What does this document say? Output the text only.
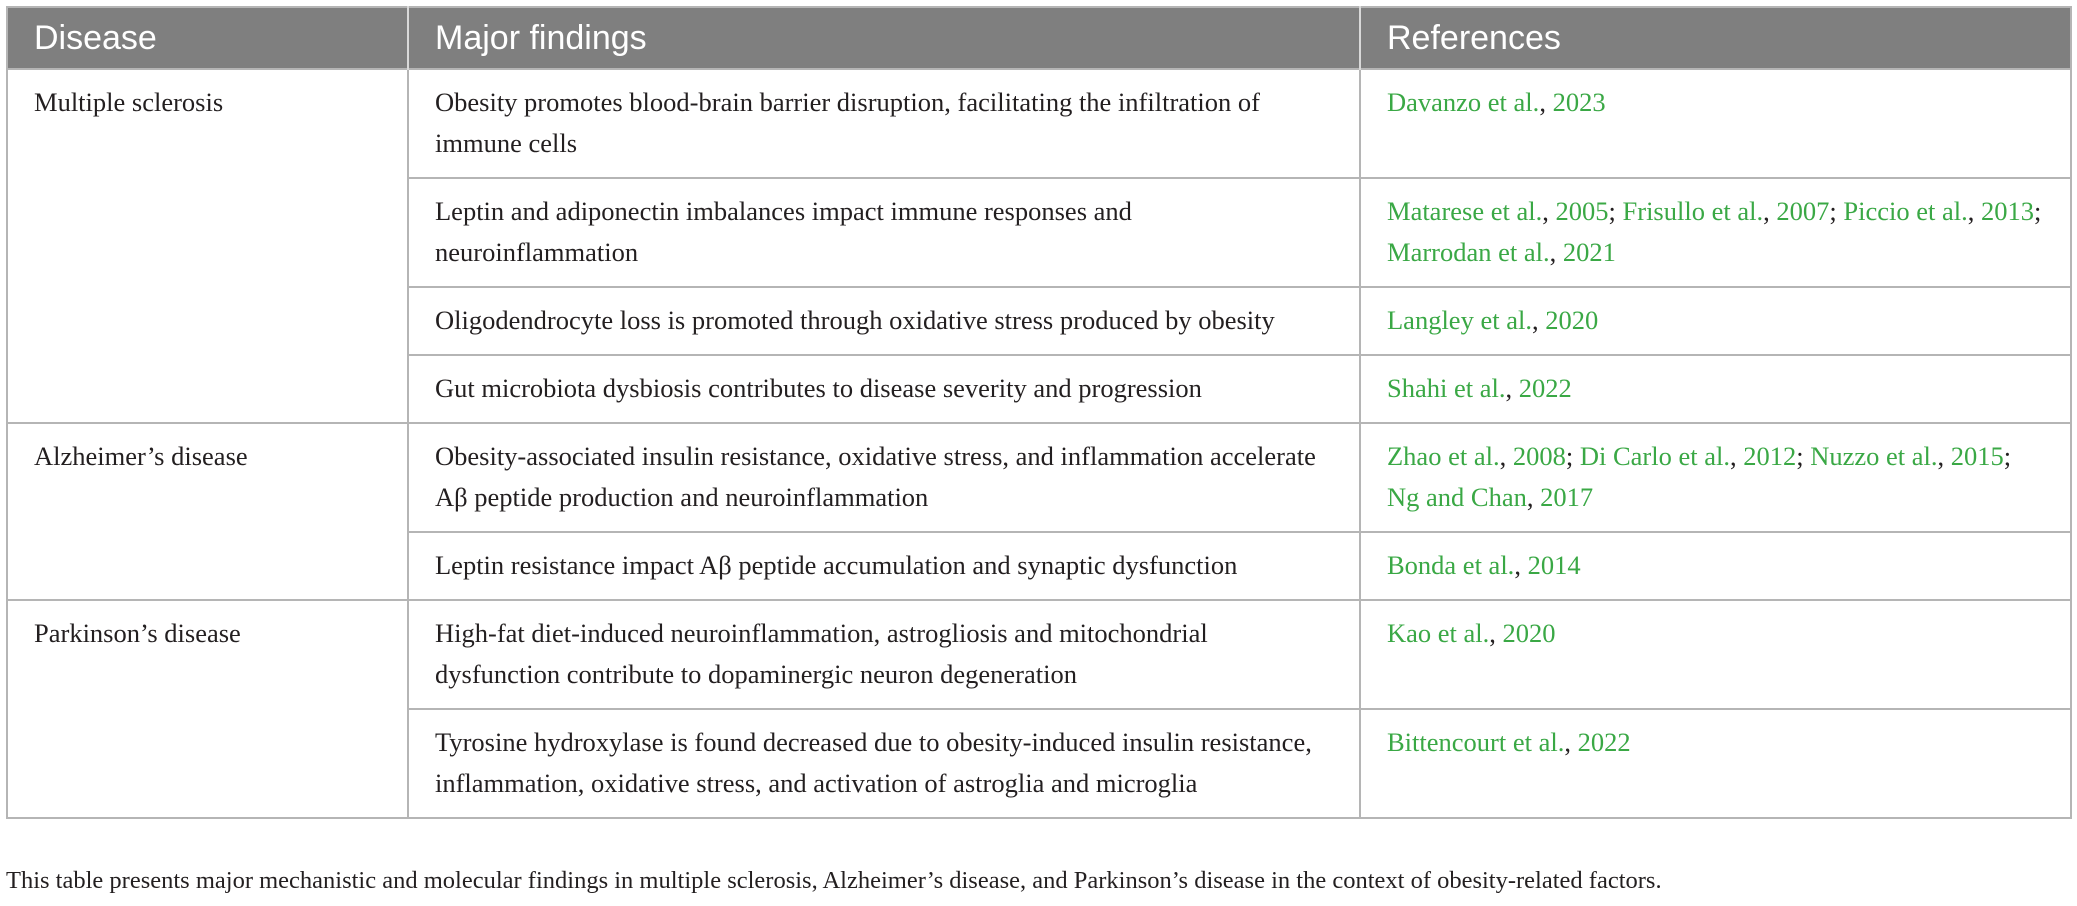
Disease	Major findings	References
Multiple sclerosis	Obesity promotes blood-brain barrier disruption, facilitating the infiltration of immune cells	Davanzo et al., 2023
	Leptin and adiponectin imbalances impact immune responses and neuroinflammation	Matarese et al., 2005; Frisullo et al., 2007; Piccio et al., 2013; Marrodan et al., 2021
	Oligodendrocyte loss is promoted through oxidative stress produced by obesity	Langley et al., 2020
	Gut microbiota dysbiosis contributes to disease severity and progression	Shahi et al., 2022
Alzheimer’s disease	Obesity-associated insulin resistance, oxidative stress, and inflammation accelerate Aβ peptide production and neuroinflammation	Zhao et al., 2008; Di Carlo et al., 2012; Nuzzo et al., 2015; Ng and Chan, 2017
	Leptin resistance impact Aβ peptide accumulation and synaptic dysfunction	Bonda et al., 2014
Parkinson’s disease	High-fat diet-induced neuroinflammation, astrogliosis and mitochondrial dysfunction contribute to dopaminergic neuron degeneration	Kao et al., 2020
	Tyrosine hydroxylase is found decreased due to obesity-induced insulin resistance, inflammation, oxidative stress, and activation of astroglia and microglia	Bittencourt et al., 2022
This table presents major mechanistic and molecular findings in multiple sclerosis, Alzheimer’s disease, and Parkinson’s disease in the context of obesity-related factors.
